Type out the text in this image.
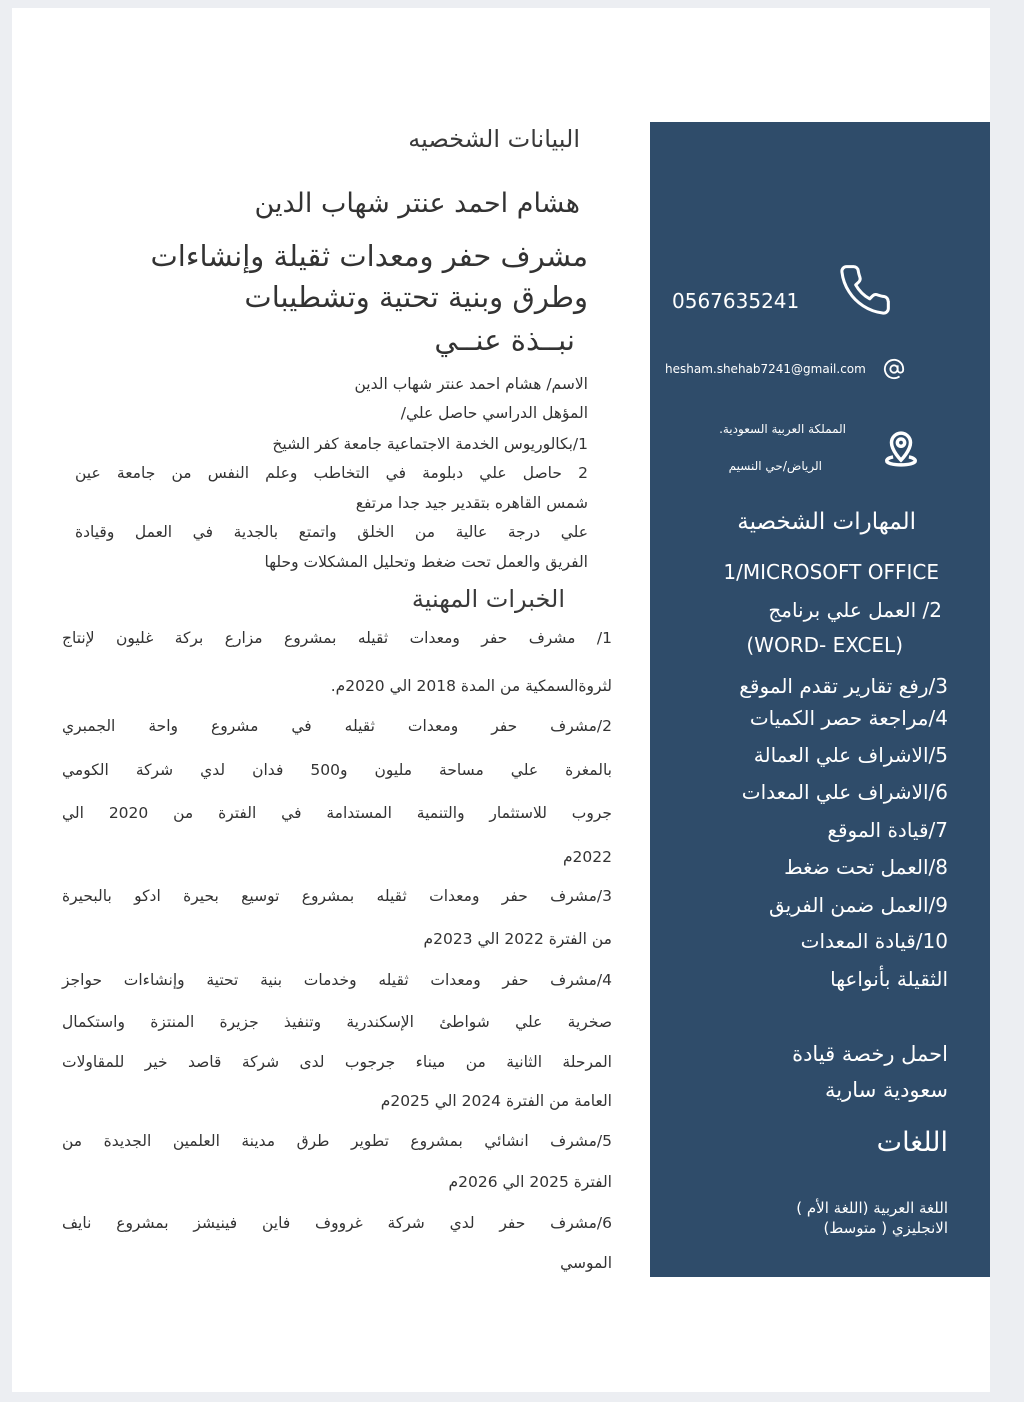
البيانات الشخصيه
هشام احمد عنتر شهاب الدين
مشرف حفر ومعدات ثقيلة وإنشاءات
وطرق وبنية تحتية وتشطيبات
نبــذة عنــي
الاسم/ هشام احمد عنتر شهاب الدين
المؤهل الدراسي حاصل علي/
1/بكالوريوس الخدمة الاجتماعية جامعة كفر الشيخ
2 حاصل علي دبلومة في التخاطب وعلم النفس من جامعة عين
شمس القاهره بتقدير جيد جدا مرتفع
علي درجة عالية من الخلق واتمتع بالجدية في العمل وقيادة
الفريق والعمل تحت ضغط وتحليل المشكلات وحلها
الخبرات المهنية
1/ مشرف حفر ومعدات ثقيله بمشروع مزارع بركة غليون لإنتاج
لثروةالسمكية من المدة 2018 الي 2020م.
2/مشرف حفر ومعدات ثقيله في مشروع واحة الجمبري
بالمغرة علي مساحة مليون و500 فدان لدي شركة الكومي
جروب للاستثمار والتنمية المستدامة في الفترة من 2020 الي
2022م
3/مشرف حفر ومعدات ثقيله بمشروع توسيع بحيرة ادكو بالبحيرة
من الفترة 2022 الي 2023م
4/مشرف حفر ومعدات ثقيله وخدمات بنية تحتية وإنشاءات حواجز
صخرية علي شواطئ الإسكندرية وتنفيذ جزيرة المنتزة واستكمال
المرحلة الثانية من ميناء جرجوب لدى شركة قاصد خير للمقاولات
العامة من الفترة 2024 الي 2025م
5/مشرف انشائي بمشروع تطوير طرق مدينة العلمين الجديدة من
الفترة 2025 الي 2026م
6/مشرف حفر لدي شركة غرووف فاين فينيشز بمشروع نايف
الموسي
0567635241
hesham.shehab7241@gmail.com
المملكة العربية السعودية.
الرياض/حي النسيم
المهارات الشخصية
1/MICROSOFT OFFICE
2/ العمل علي برنامج
(WORD- EXCEL)
3/رفع تقارير تقدم الموقع
4/مراجعة حصر الكميات
5/الاشراف علي العمالة
6/الاشراف علي المعدات
7/قيادة الموقع
8/العمل تحت ضغط
9/العمل ضمن الفريق
10/قيادة المعدات
الثقيلة بأنواعها
احمل رخصة قيادة
سعودية سارية
اللغات
اللغة العربية (اللغة الأم )
الانجليزي ( متوسط)
